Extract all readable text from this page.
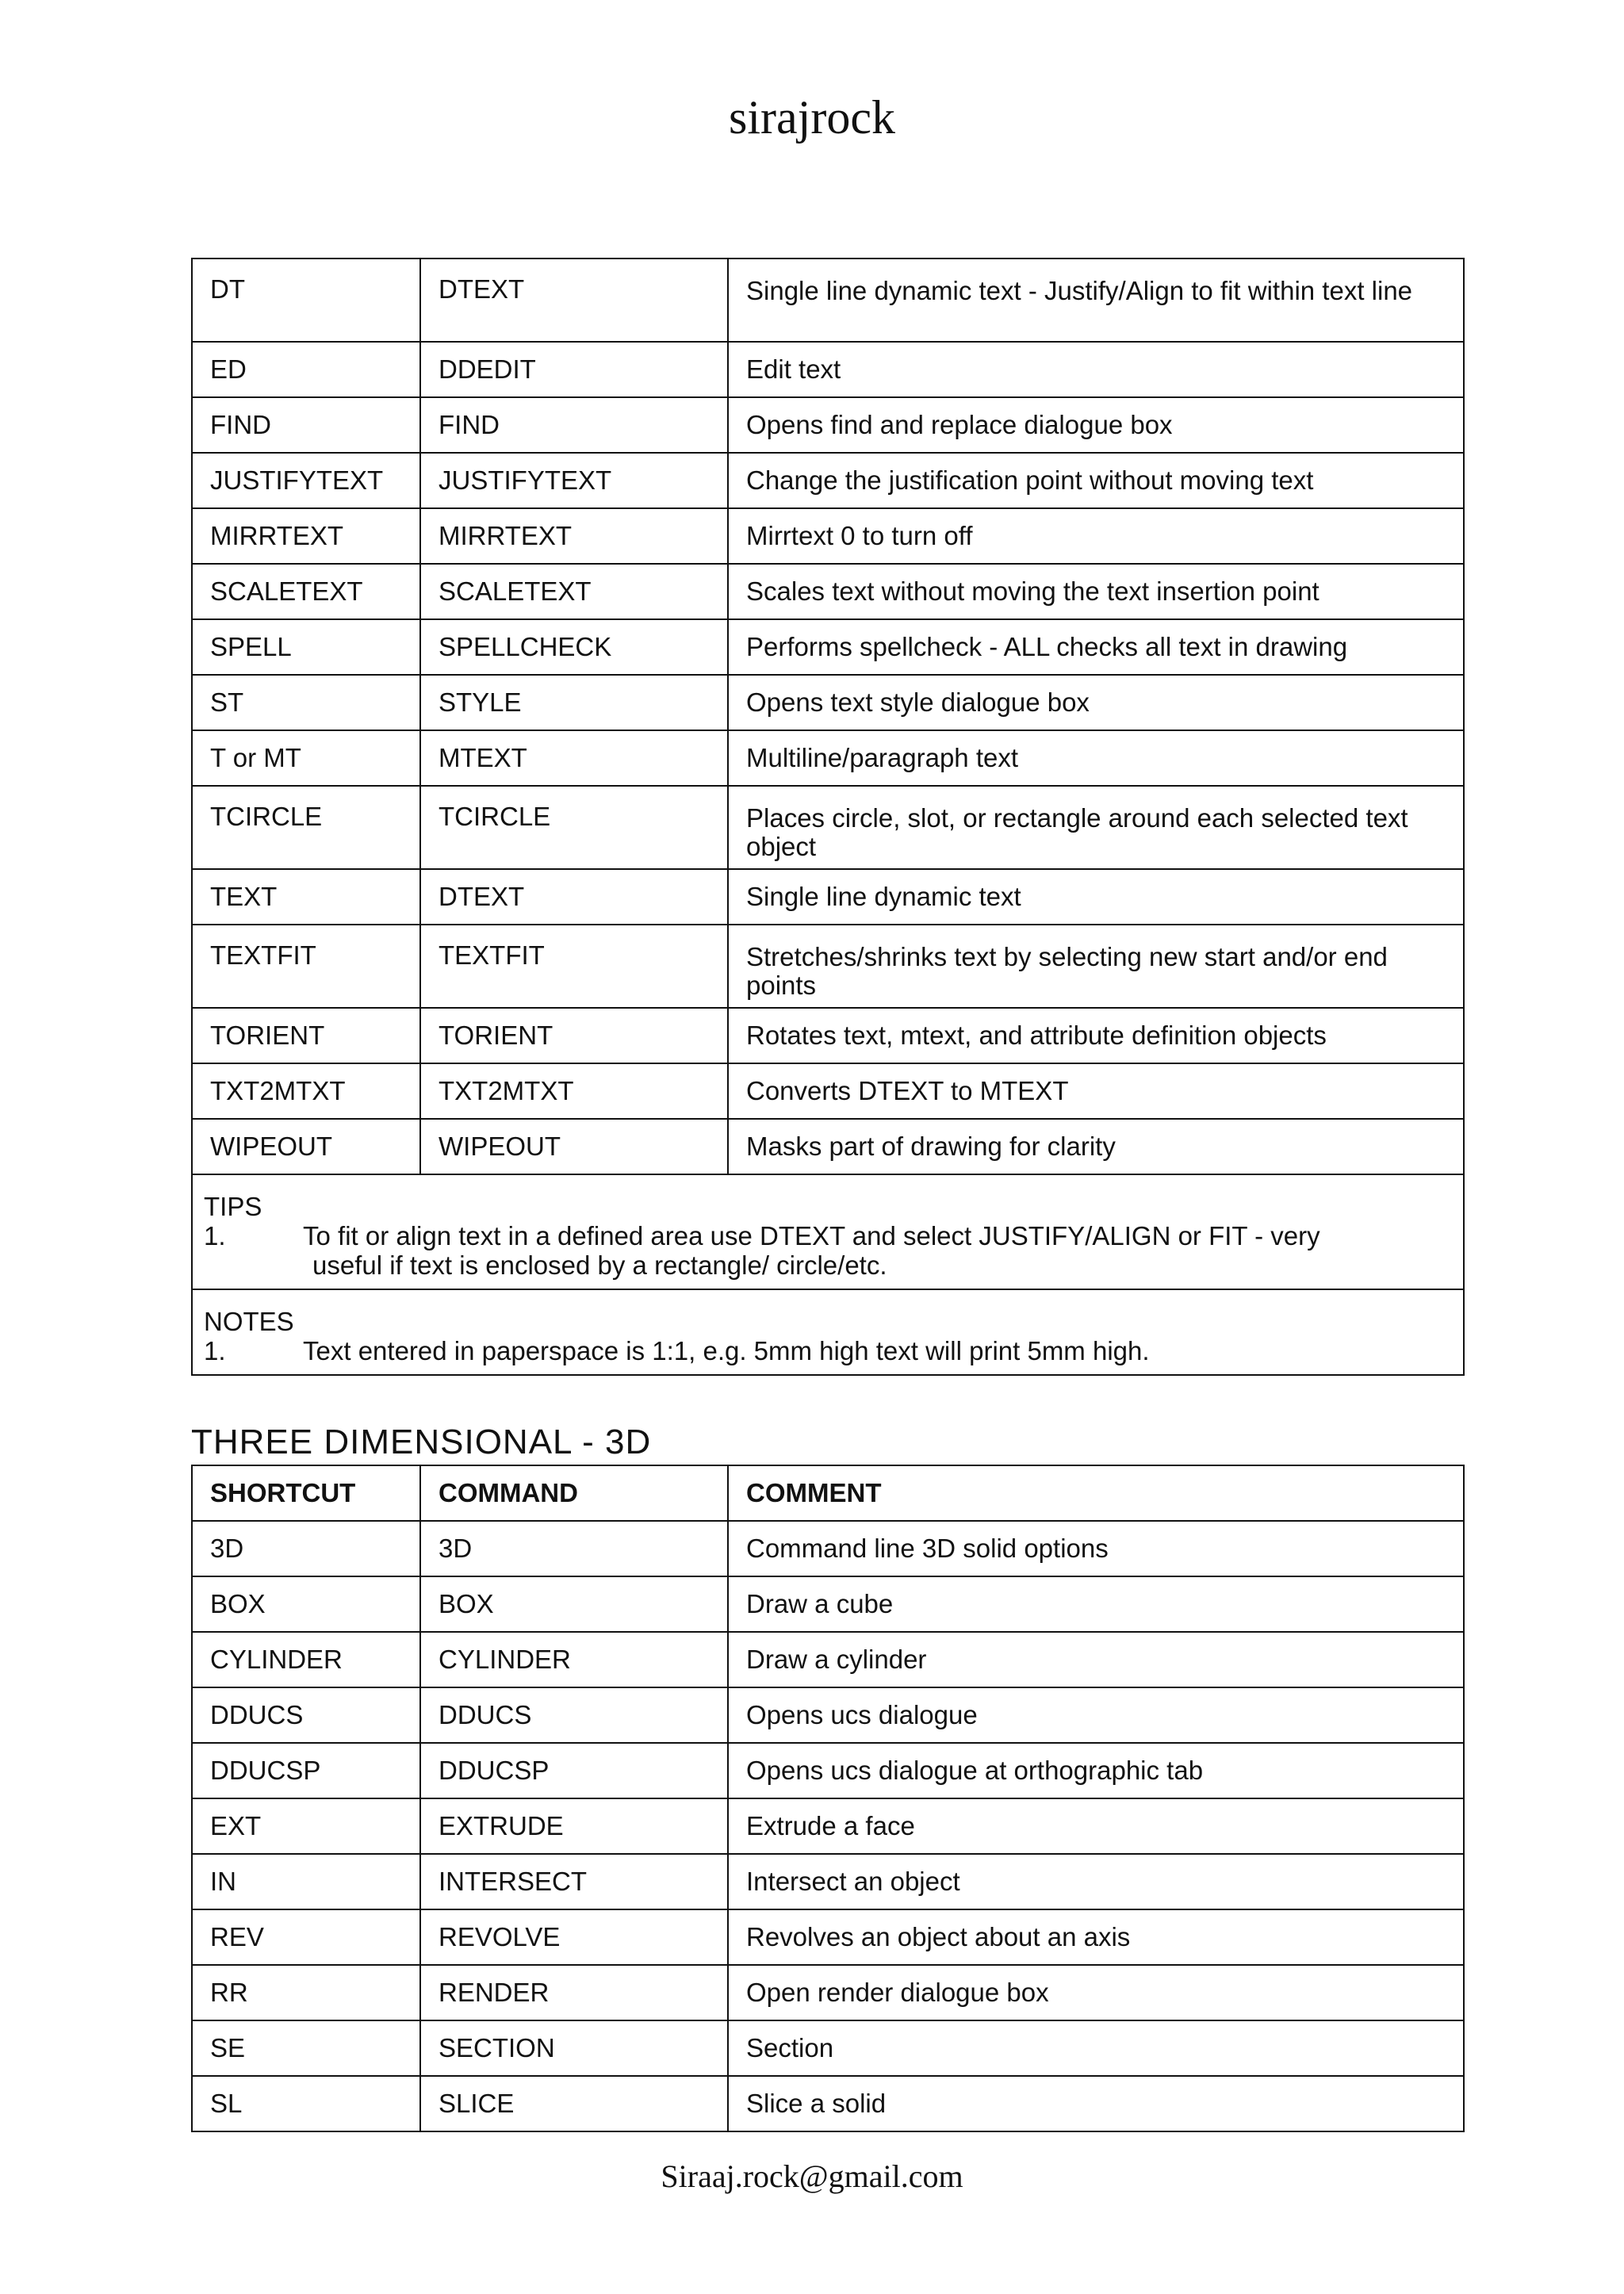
sirajrock
DT	DTEXT	Single line dynamic text - Justify/Align to fit within text line
ED	DDEDIT	Edit text
FIND	FIND	Opens find and replace dialogue box
JUSTIFYTEXT	JUSTIFYTEXT	Change the justification point without moving text
MIRRTEXT	MIRRTEXT	Mirrtext 0 to turn off
SCALETEXT	SCALETEXT	Scales text without moving the text insertion point
SPELL	SPELLCHECK	Performs spellcheck - ALL checks all text in drawing
ST	STYLE	Opens text style dialogue box
T or MT	MTEXT	Multiline/paragraph text
TCIRCLE	TCIRCLE	Places circle, slot, or rectangle around each selected text object
TEXT	DTEXT	Single line dynamic text
TEXTFIT	TEXTFIT	Stretches/shrinks text by selecting new start and/or end points
TORIENT	TORIENT	Rotates text, mtext, and attribute definition objects
TXT2MTXT	TXT2MTXT	Converts DTEXT to MTEXT
WIPEOUT	WIPEOUT	Masks part of drawing for clarity

TIPS
1. To fit or align text in a defined area use DTEXT and select JUSTIFY/ALIGN or FIT - very
useful if text is enclosed by a rectangle/ circle/etc.		

NOTES
1. Text entered in paperspace is 1:1, e.g. 5mm high text will print 5mm high.		
THREE DIMENSIONAL - 3D
SHORTCUT	COMMAND	COMMENT
3D	3D	Command line 3D solid options
BOX	BOX	Draw a cube
CYLINDER	CYLINDER	Draw a cylinder
DDUCS	DDUCS	Opens ucs dialogue
DDUCSP	DDUCSP	Opens ucs dialogue at orthographic tab
EXT	EXTRUDE	Extrude a face
IN	INTERSECT	Intersect an object
REV	REVOLVE	Revolves an object about an axis
RR	RENDER	Open render dialogue box
SE	SECTION	Section
SL	SLICE	Slice a solid
Siraaj.rock@gmail.com
